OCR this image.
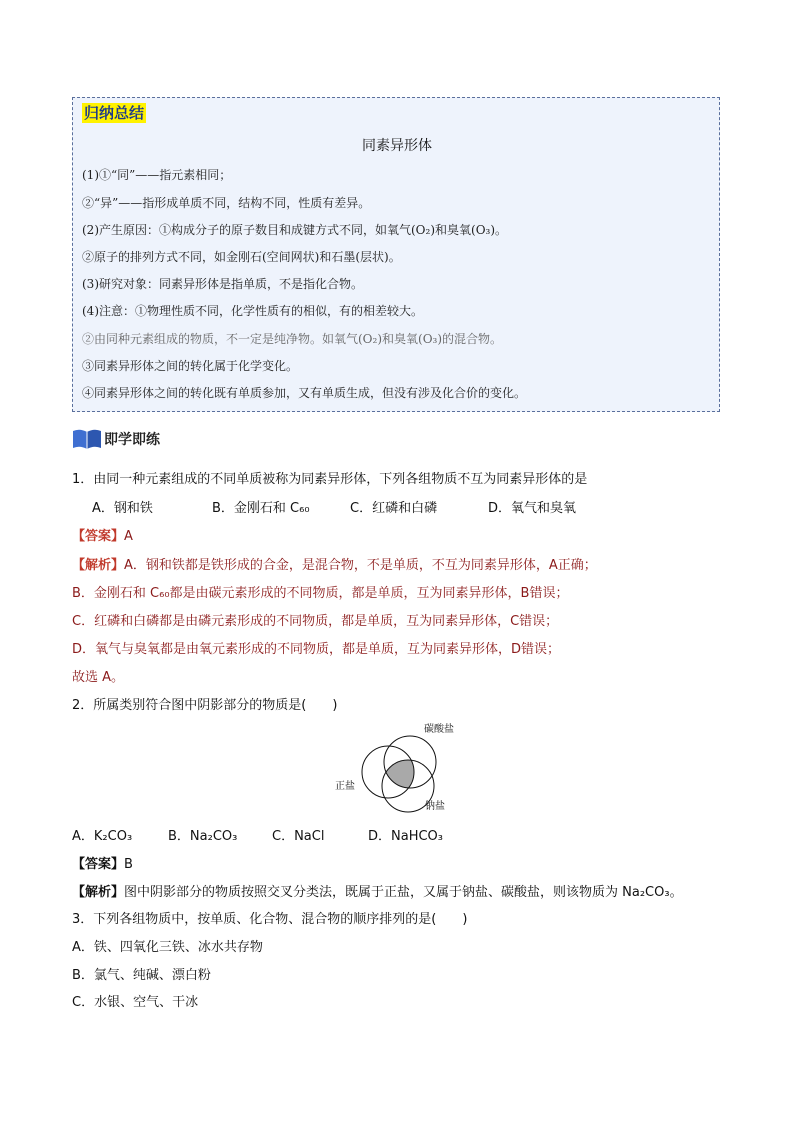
归纳总结
同素异形体
(1)①“同”——指元素相同；
②“异”——指形成单质不同，结构不同，性质有差异。
(2)产生原因：①构成分子的原子数目和成键方式不同，如氧气(O₂)和臭氧(O₃)。
②原子的排列方式不同，如金刚石(空间网状)和石墨(层状)。
(3)研究对象：同素异形体是指单质，不是指化合物。
(4)注意：①物理性质不同，化学性质有的相似，有的相差较大。
②由同种元素组成的物质，不一定是纯净物。如氧气(O₂)和臭氧(O₃)的混合物。
③同素异形体之间的转化属于化学变化。
④同素异形体之间的转化既有单质参加，又有单质生成，但没有涉及化合价的变化。
即学即练
1．由同一种元素组成的不同单质被称为同素异形体，下列各组物质不互为同素异形体的是
A．钢和铁	B．金刚石和 C₆₀	C．红磷和白磷	D．氧气和臭氧
【答案】A
【解析】A．钢和铁都是铁形成的合金，是混合物，不是单质，不互为同素异形体，A正确；
B．金刚石和 C₆₀都是由碳元素形成的不同物质，都是单质，互为同素异形体，B错误；
C．红磷和白磷都是由磷元素形成的不同物质，都是单质，互为同素异形体，C错误；
D．氧气与臭氧都是由氧元素形成的不同物质，都是单质，互为同素异形体，D错误；
故选 A。
2．所属类别符合图中阴影部分的物质是(　　)
碳酸盐
正盐
钠盐
A．K₂CO₃	B．Na₂CO₃	C．NaCl	D．NaHCO₃
【答案】B
【解析】图中阴影部分的物质按照交叉分类法，既属于正盐，又属于钠盐、碳酸盐，则该物质为 Na₂CO₃。
3．下列各组物质中，按单质、化合物、混合物的顺序排列的是(　　)
A．铁、四氧化三铁、冰水共存物
B．氯气、纯碱、漂白粉
C．水银、空气、干冰
